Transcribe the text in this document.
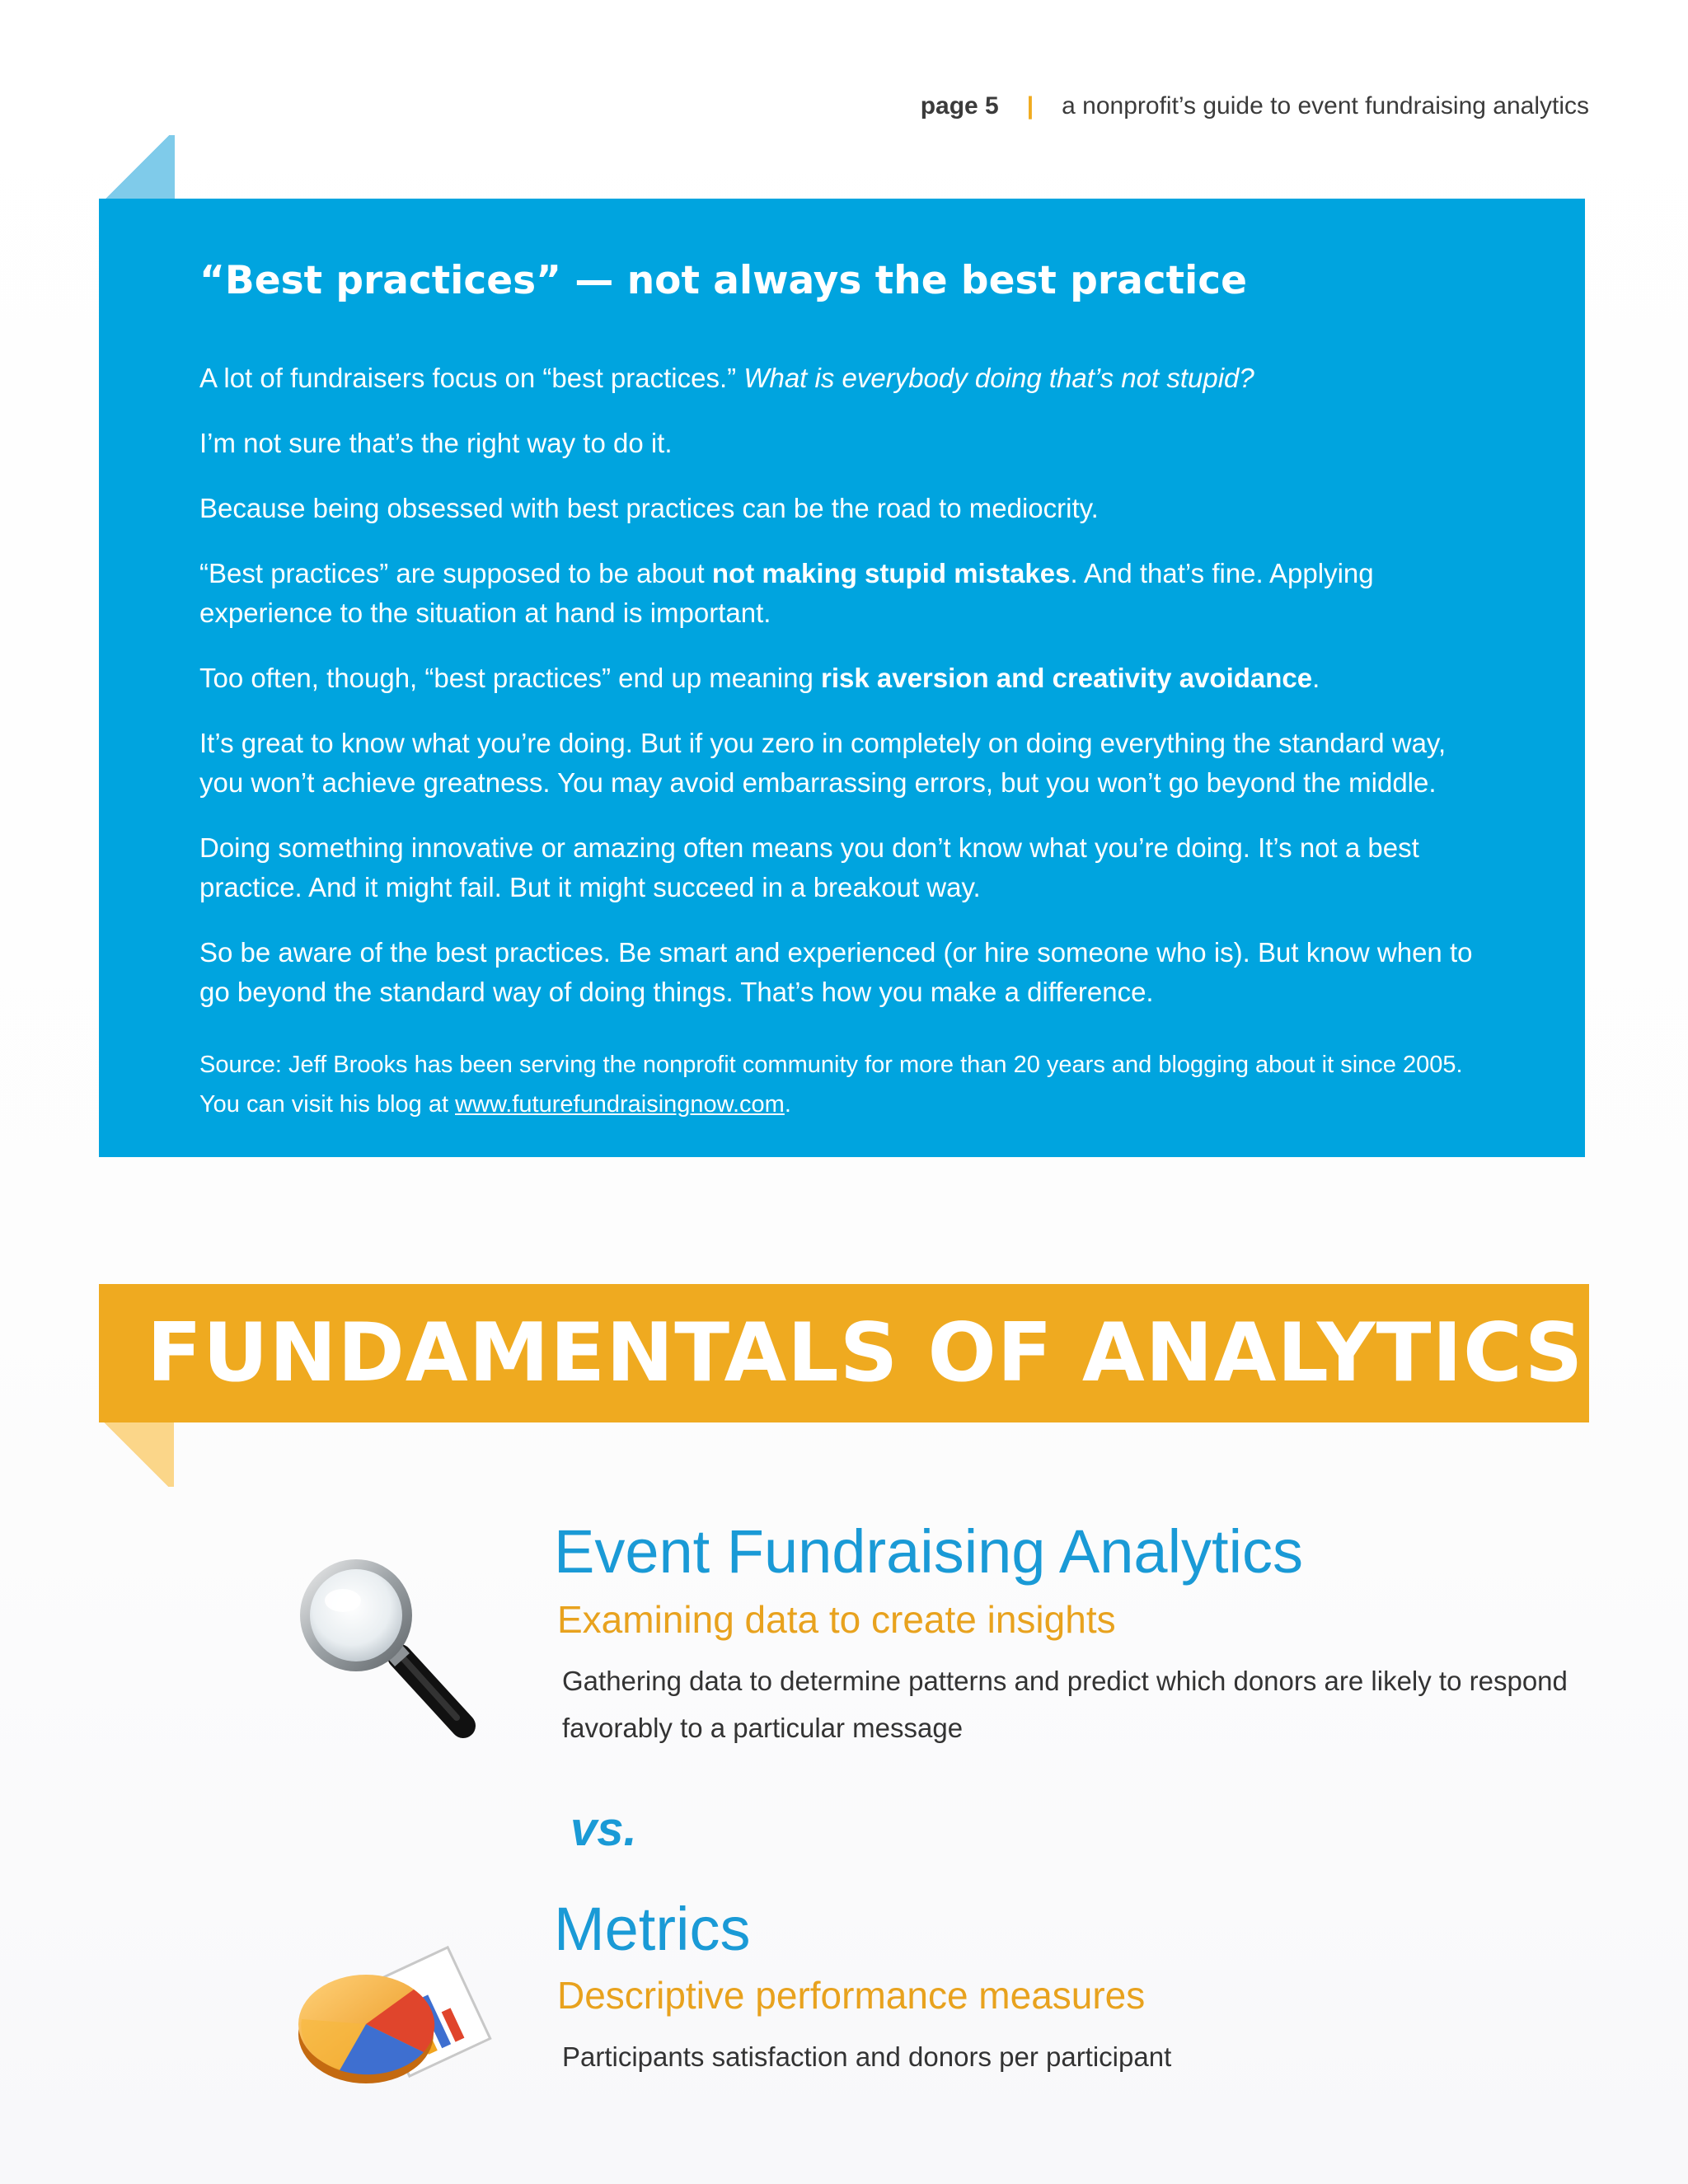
page 5 | a nonprofit’s guide to event fundraising analytics
“Best practices” — not always the best practice

A lot of fundraisers focus on “best practices.” What is everybody doing that’s not stupid?

I’m not sure that’s the right way to do it.

Because being obsessed with best practices can be the road to mediocrity.

“Best practices” are supposed to be about not making stupid mistakes. And that’s fine. Applying experience to the situation at hand is important.

Too often, though, “best practices” end up meaning risk aversion and creativity avoidance.

It’s great to know what you’re doing. But if you zero in completely on doing everything the standard way, you won’t achieve greatness. You may avoid embarrassing errors, but you won’t go beyond the middle.

Doing something innovative or amazing often means you don’t know what you’re doing. It’s not a best practice. And it might fail. But it might succeed in a breakout way.

So be aware of the best practices. Be smart and experienced (or hire someone who is). But know when to go beyond the standard way of doing things. That’s how you make a difference.

Source: Jeff Brooks has been serving the nonprofit community for more than 20 years and blogging about it since 2005. You can visit his blog at www.futurefundraisingnow.com.

FUNDAMENTALS OF ANALYTICS
Event Fundraising Analytics
Examining data to create insights
Gathering data to determine patterns and predict which donors are likely to respond favorably to a particular message
vs.
Metrics
Descriptive performance measures
Participants satisfaction and donors per participant
